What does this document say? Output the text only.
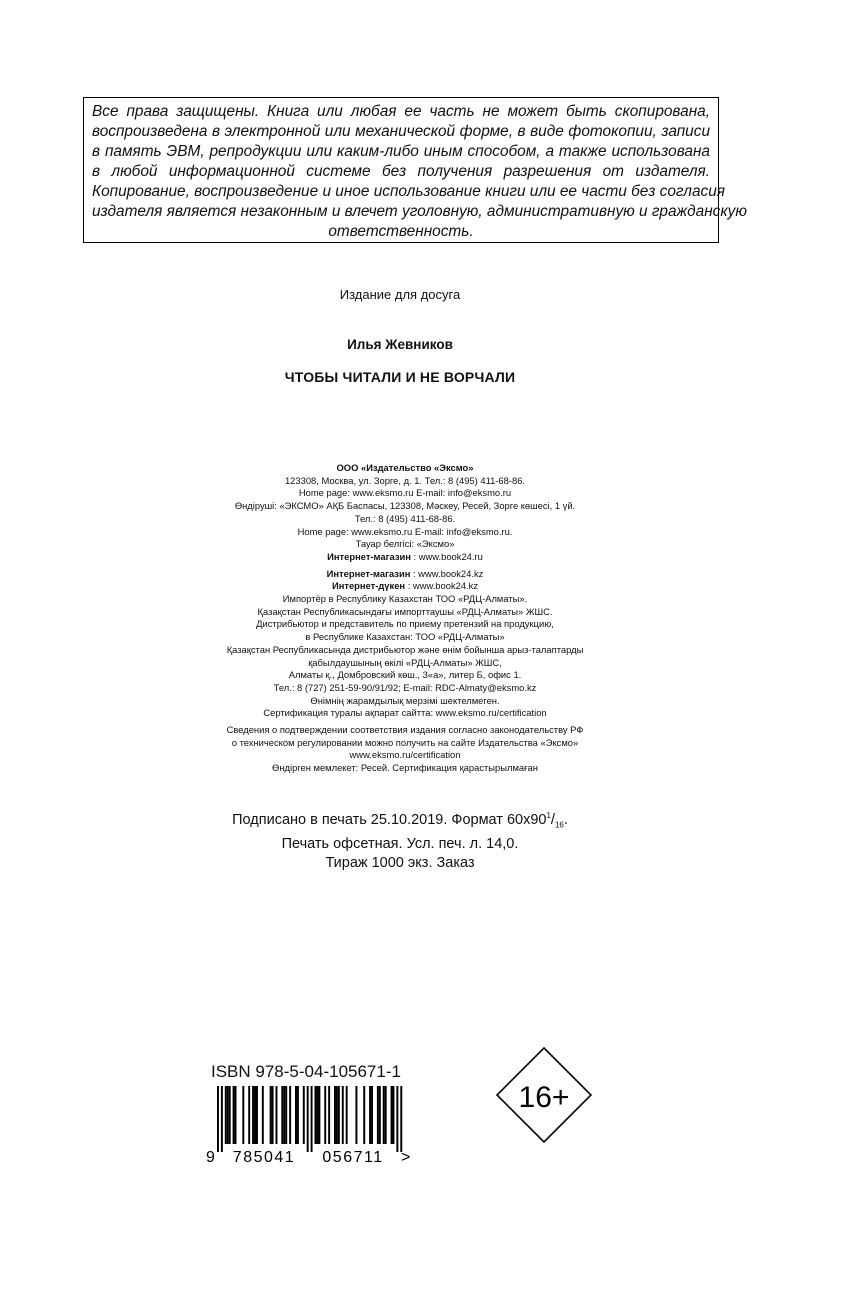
Все права защищены. Книга или любая ее часть не может быть скопирована,
воспроизведена в электронной или механической форме, в виде фотокопии, записи
в память ЭВМ, репродукции или каким-либо иным способом, а также использована
в любой информационной системе без получения разрешения от издателя.
Копирование, воспроизведение и иное использование книги или ее части без согласия
издателя является незаконным и влечет уголовную, административную и гражданскую
ответственность.
Издание для досуга
Илья Жевников
ЧТОБЫ ЧИТАЛИ И НЕ ВОРЧАЛИ
ООО «Издательство «Эксмо»
123308, Москва, ул. Зорге, д. 1. Тел.: 8 (495) 411-68-86.
Home page: www.eksmo.ru E-mail: info@eksmo.ru
Өндіруші: «ЭКСМО» АҚБ Баспасы, 123308, Мәскеу, Ресей, Зорге көшесі, 1 үй.
Тел.: 8 (495) 411-68-86.
Home page: www.eksmo.ru E-mail: info@eksmo.ru.
Тауар белгісі: «Эксмо»
Интернет-магазин : www.book24.ru
Интернет-магазин : www.book24.kz
Интернет-дүкен : www.book24.kz
Импортёр в Республику Казахстан ТОО «РДЦ-Алматы».
Қазақстан Республикасындағы импорттаушы «РДЦ-Алматы» ЖШС.
Дистрибьютор и представитель по приему претензий на продукцию,
в Республике Казахстан: ТОО «РДЦ-Алматы»
Қазақстан Республикасында дистрибьютор және өнім бойынша арыз-талаптарды
қабылдаушының өкілі «РДЦ-Алматы» ЖШС,
Алматы қ., Домбровский көш., 3«а», литер Б, офис 1.
Тел.: 8 (727) 251-59-90/91/92; E-mail: RDC-Almaty@eksmo.kz
Өнімнің жарамдылық мерзімі шектелмеген.
Сертификация туралы ақпарат сайтта: www.eksmo.ru/certification
Сведения о подтверждении соответствия издания согласно законодательству РФ
о техническом регулировании можно получить на сайте Издательства «Эксмо»
www.eksmo.ru/certification
Өндірген мемлекет: Ресей. Сертификация қарастырылмаған
Подписано в печать 25.10.2019. Формат $60x90^1/_{16}$.
Печать офсетная. Усл. печ. л. 14,0.
Тираж 1000 экз. Заказ
ISBN 978-5-04-105671-1
9 785041 056711 >
16+
